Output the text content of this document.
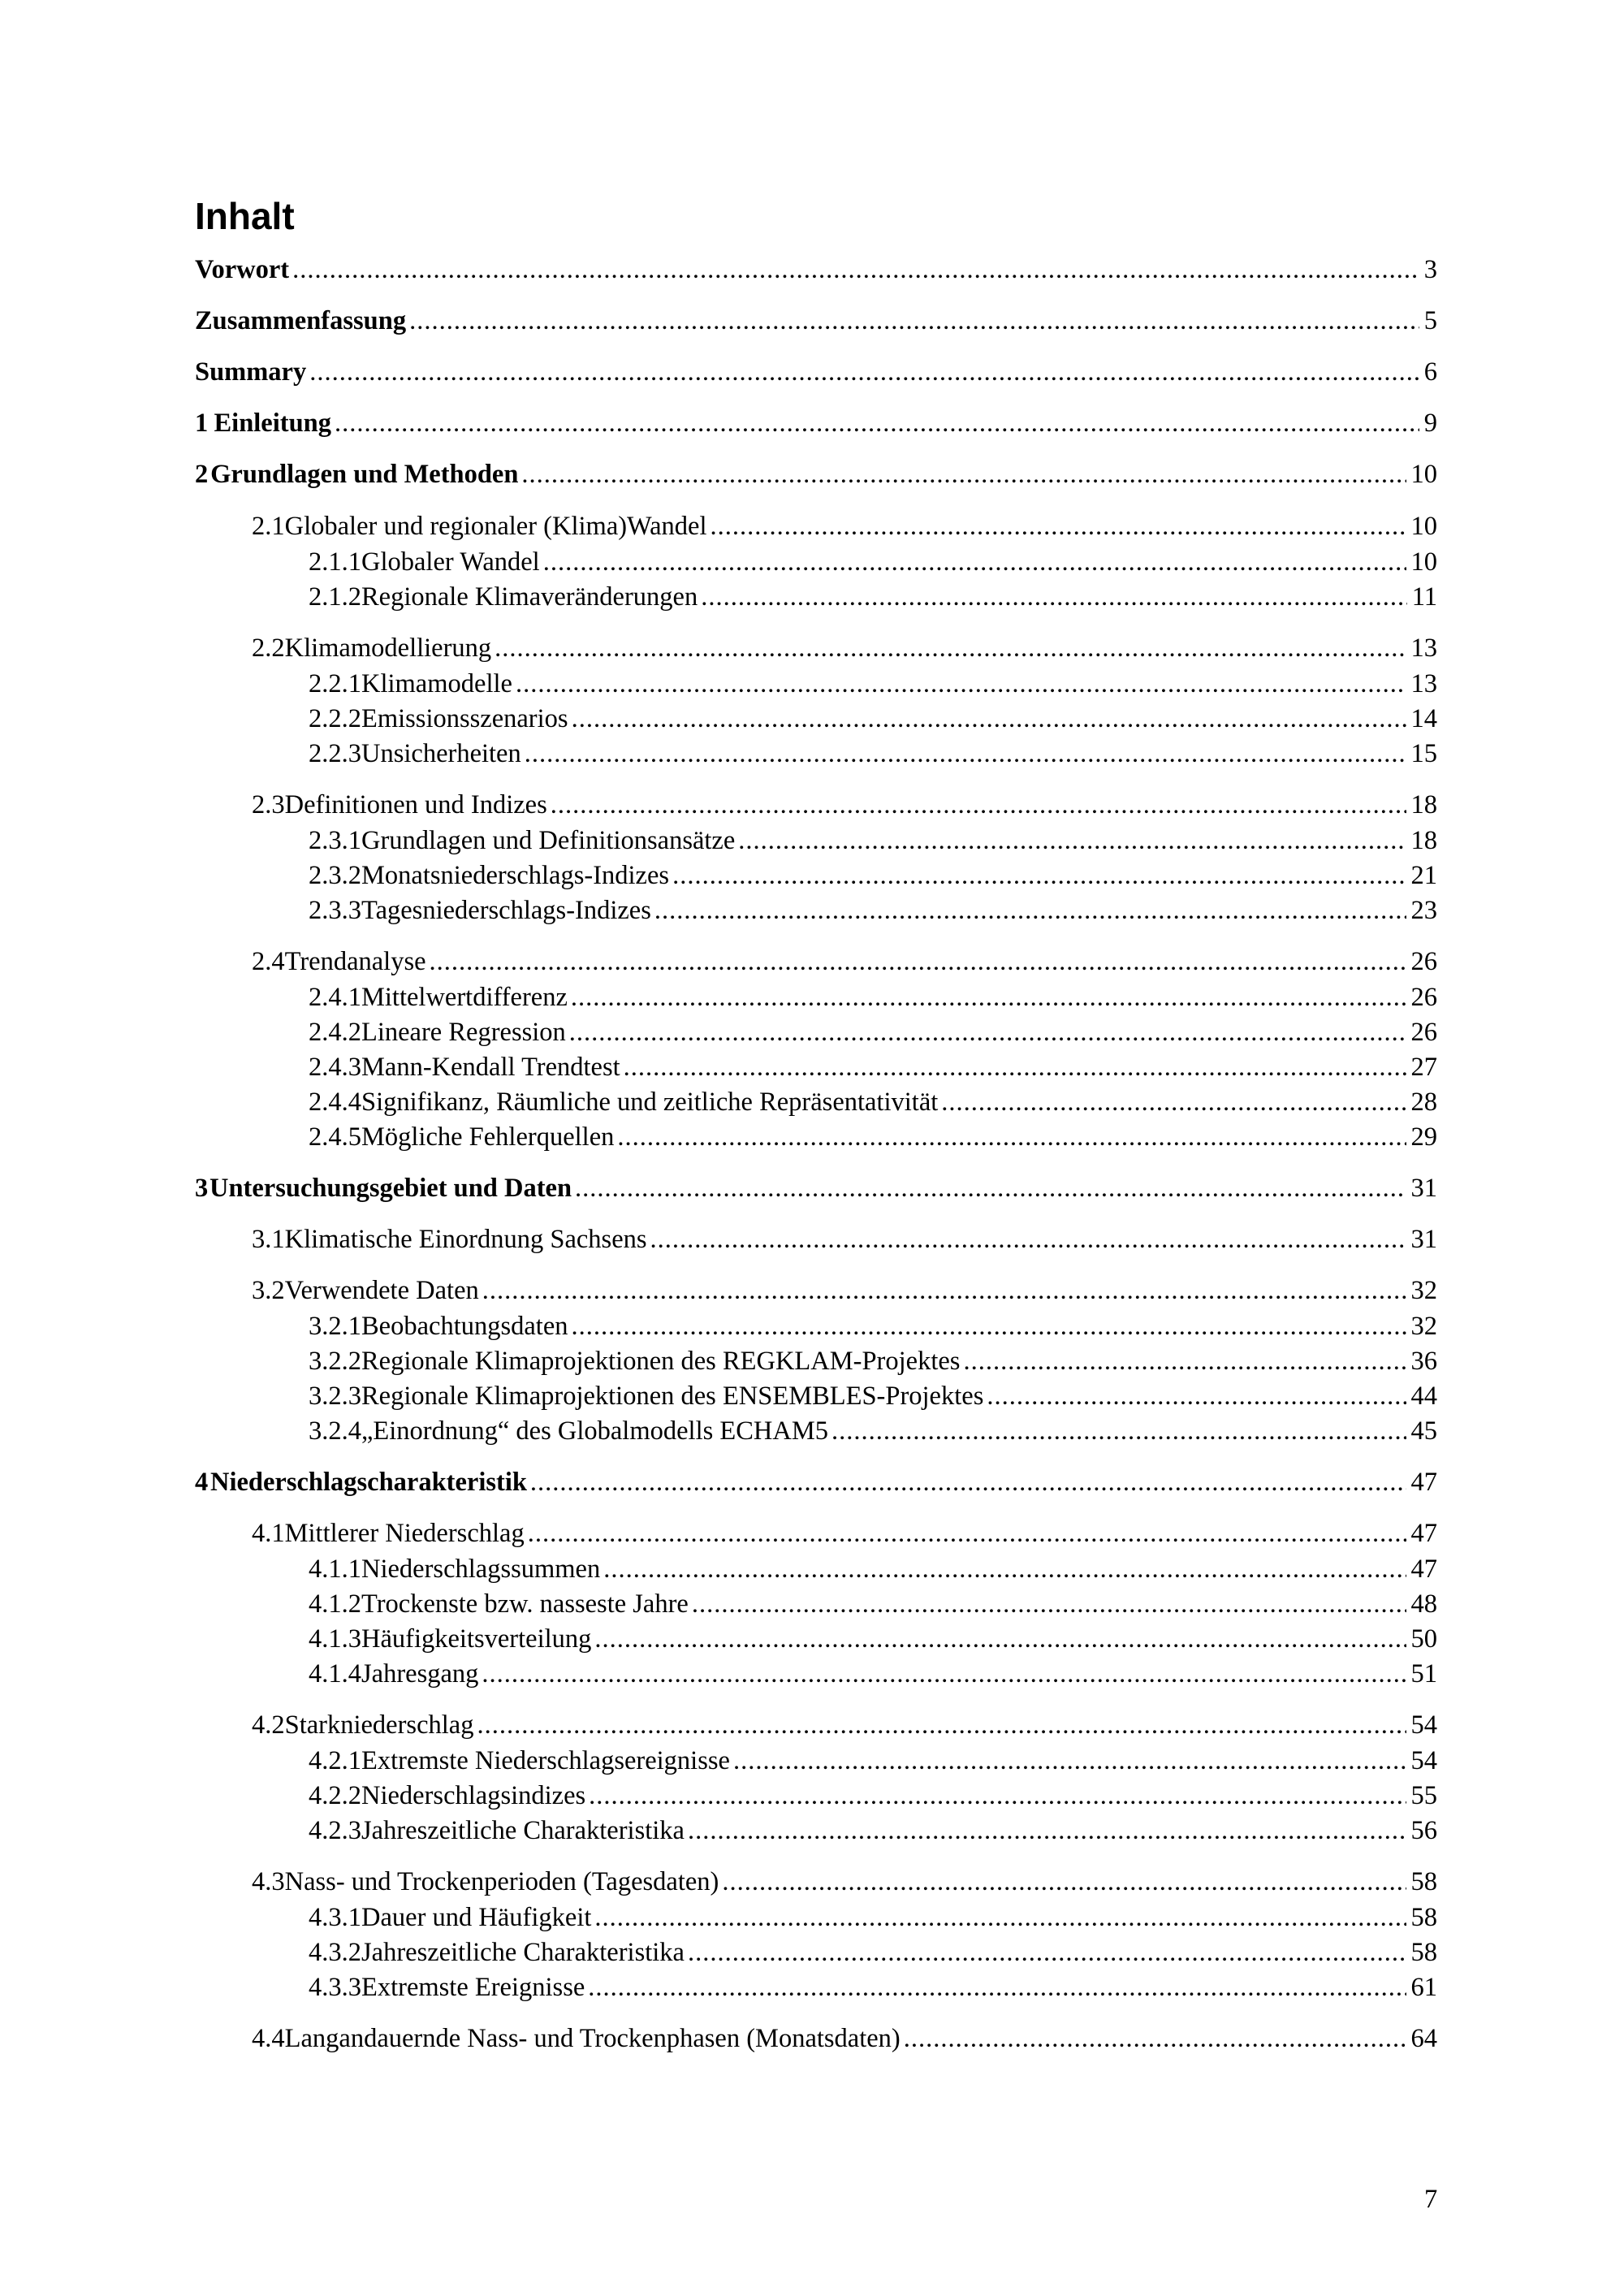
Inhalt
Vorwort .....	3
Zusammenfassung .....	5
Summary .....	6
1 Einleitung .....	9
2 Grundlagen und Methoden .....	10
2.1 Globaler und regionaler (Klima)Wandel .....	10
2.1.1 Globaler Wandel .....	10
2.1.2 Regionale Klimaveränderungen .....	11
2.2 Klimamodellierung .....	13
2.2.1 Klimamodelle .....	13
2.2.2 Emissionsszenarios .....	14
2.2.3 Unsicherheiten .....	15
2.3 Definitionen und Indizes .....	18
2.3.1 Grundlagen und Definitionsansätze .....	18
2.3.2 Monatsniederschlags-Indizes .....	21
2.3.3 Tagesniederschlags-Indizes .....	23
2.4 Trendanalyse .....	26
2.4.1 Mittelwertdifferenz .....	26
2.4.2 Lineare Regression .....	26
2.4.3 Mann-Kendall Trendtest .....	27
2.4.4 Signifikanz, Räumliche und zeitliche Repräsentativität .....	28
2.4.5 Mögliche Fehlerquellen .....	29
3 Untersuchungsgebiet und Daten .....	31
3.1 Klimatische Einordnung Sachsens .....	31
3.2 Verwendete Daten .....	32
3.2.1 Beobachtungsdaten .....	32
3.2.2 Regionale Klimaprojektionen des REGKLAM-Projektes .....	36
3.2.3 Regionale Klimaprojektionen des ENSEMBLES-Projektes .....	44
3.2.4 „Einordnung“ des Globalmodells ECHAM5 .....	45
4 Niederschlagscharakteristik .....	47
4.1 Mittlerer Niederschlag .....	47
4.1.1 Niederschlagssummen .....	47
4.1.2 Trockenste bzw. nasseste Jahre .....	48
4.1.3 Häufigkeitsverteilung .....	50
4.1.4 Jahresgang .....	51
4.2 Starkniederschlag .....	54
4.2.1 Extremste Niederschlagsereignisse .....	54
4.2.2 Niederschlagsindizes .....	55
4.2.3 Jahreszeitliche Charakteristika .....	56
4.3 Nass- und Trockenperioden (Tagesdaten) .....	58
4.3.1 Dauer und Häufigkeit .....	58
4.3.2 Jahreszeitliche Charakteristika .....	58
4.3.3 Extremste Ereignisse .....	61
4.4 Langandauernde Nass- und Trockenphasen (Monatsdaten) .....	64
7
